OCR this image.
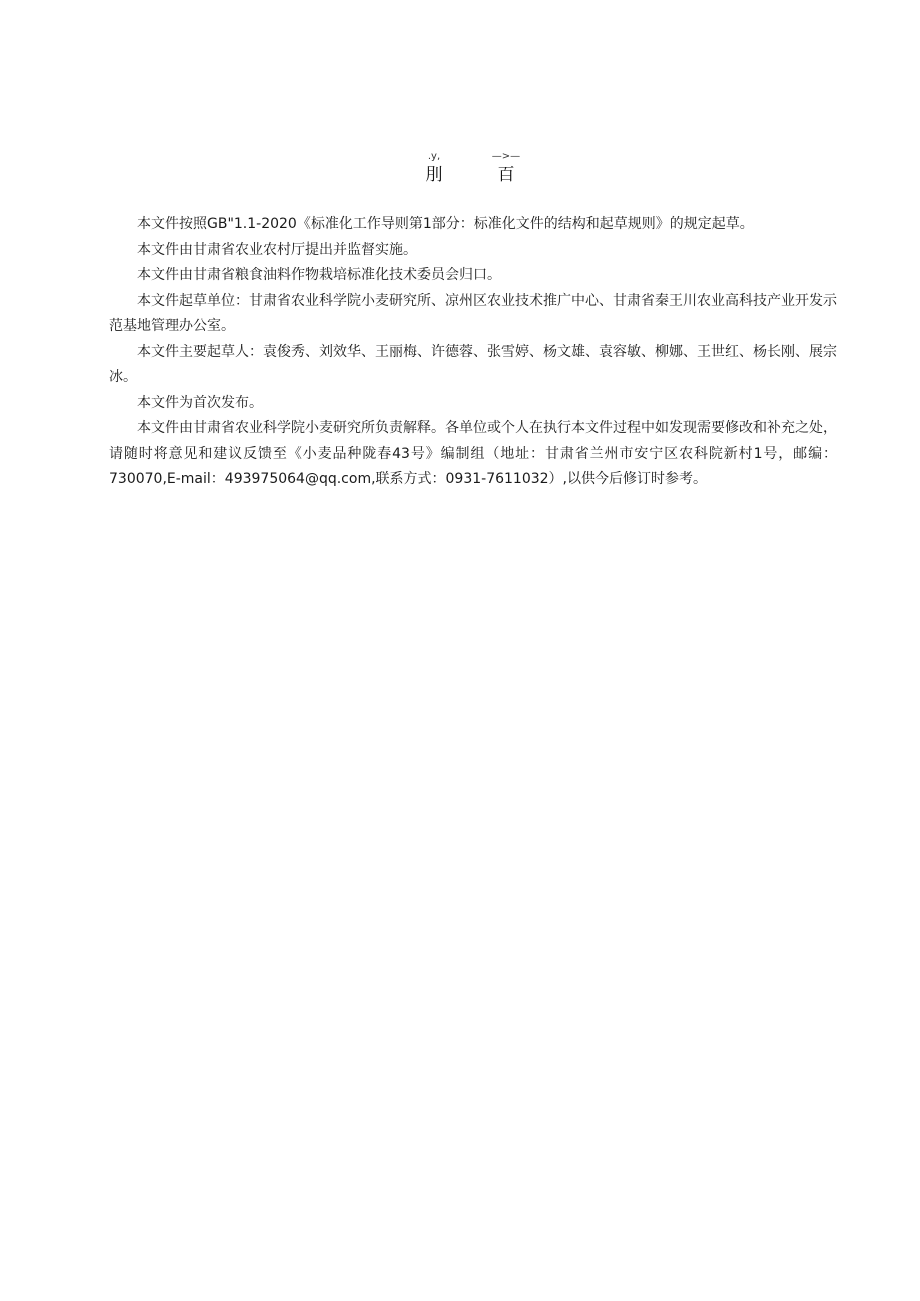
.y,
刖
—>—
百

本文件按照GB"1.1-2020《标准化工作导则第1部分：标准化文件的结构和起草规则》的规定起草。

本文件由甘肃省农业农村厅提出并监督实施。

本文件由甘肃省粮食油料作物栽培标准化技术委员会归口。

本文件起草单位：甘肃省农业科学院小麦研究所、凉州区农业技术推广中心、甘肃省秦王川农业高科技产业开发示范基地管理办公室。

本文件主要起草人：袁俊秀、刘效华、王丽梅、许德蓉、张雪婷、杨文雄、袁容敏、柳娜、王世红、杨长刚、展宗冰。

本文件为首次发布。

本文件由甘肃省农业科学院小麦研究所负责解释。各单位或个人在执行本文件过程中如发现需要修改和补充之处，请随时将意见和建议反馈至《小麦品种陇春43号》编制组（地址：甘肃省兰州市安宁区农科院新村1号，邮编：730070,E-mail：493975064@qq.com,联系方式：0931-7611032）,以供今后修订时参考。
